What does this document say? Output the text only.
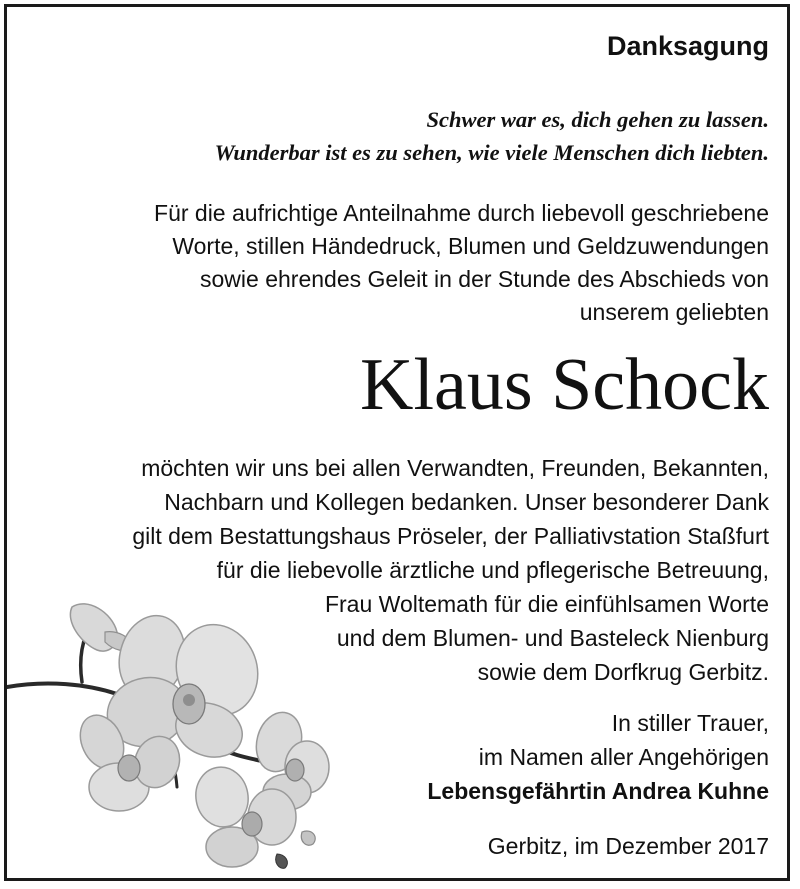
Danksagung
Schwer war es, dich gehen zu lassen.
Wunderbar ist es zu sehen, wie viele Menschen dich liebten.
Für die aufrichtige Anteilnahme durch liebevoll geschriebene
Worte, stillen Händedruck, Blumen und Geldzuwendungen
sowie ehrendes Geleit in der Stunde des Abschieds von
unserem geliebten
Klaus Schock
möchten wir uns bei allen Verwandten, Freunden, Bekannten,
Nachbarn und Kollegen bedanken. Unser besonderer Dank
gilt dem Bestattungshaus Pröseler, der Palliativstation Staßfurt
für die liebevolle ärztliche und pflegerische Betreuung,
Frau Woltemath für die einfühlsamen Worte
und dem Blumen- und Basteleck Nienburg
sowie dem Dorfkrug Gerbitz.
In stiller Trauer,
im Namen aller Angehörigen
Lebensgefährtin Andrea Kuhne
Gerbitz, im Dezember 2017
